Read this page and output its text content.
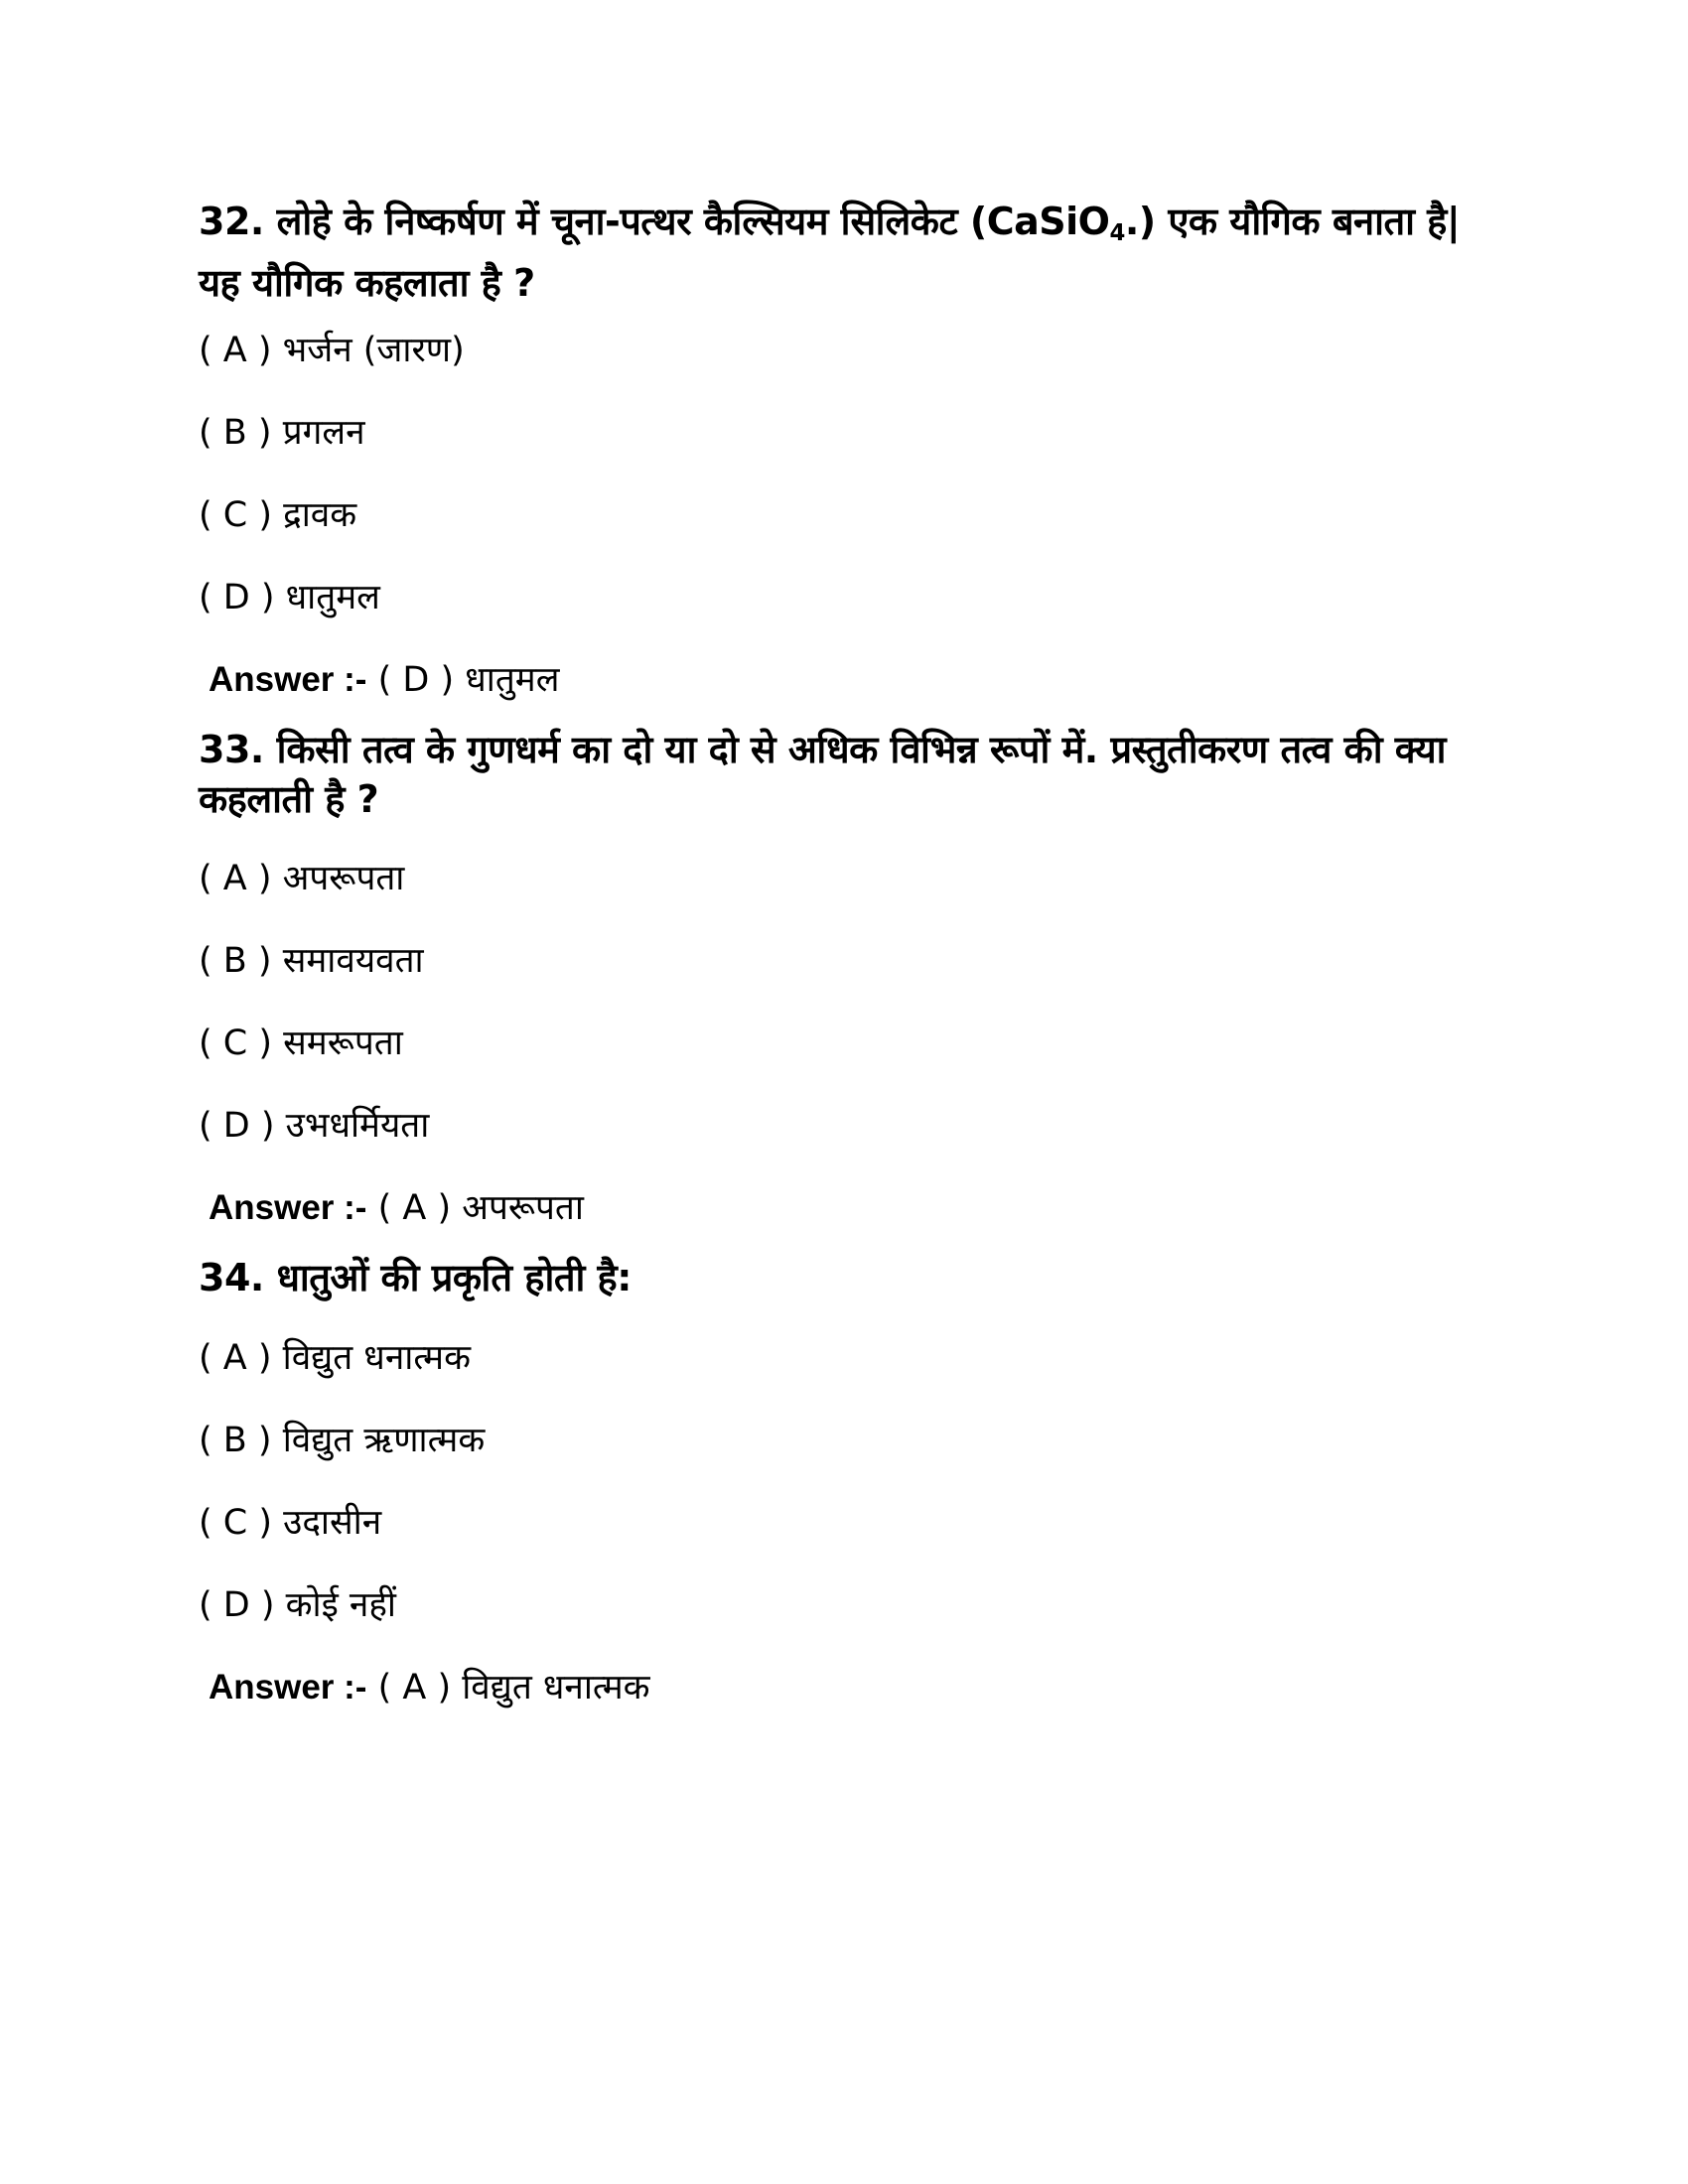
32. लोहे के निष्कर्षण में चूना-पत्थर कैल्सियम सिलिकेट (CaSiO$_4$.) एक यौगिक बनाता है| यह यौगिक कहलाता है ?
( A ) भर्जन (जारण)
( B ) प्रगलन
( C ) द्रावक
( D ) धातुमल
Answer :- ( D ) धातुमल
33. किसी तत्व के गुणधर्म का दो या दो से अधिक विभिन्न रूपों में. प्रस्तुतीकरण तत्व की क्या कहलाती है ?
( A ) अपरूपता
( B ) समावयवता
( C ) समरूपता
( D ) उभधर्मियता
Answer :- ( A ) अपरूपता
34. धातुओं की प्रकृति होती है:
( A ) विद्युत धनात्मक
( B ) विद्युत ऋणात्मक
( C ) उदासीन
( D ) कोई नहीं
Answer :- ( A ) विद्युत धनात्मक
